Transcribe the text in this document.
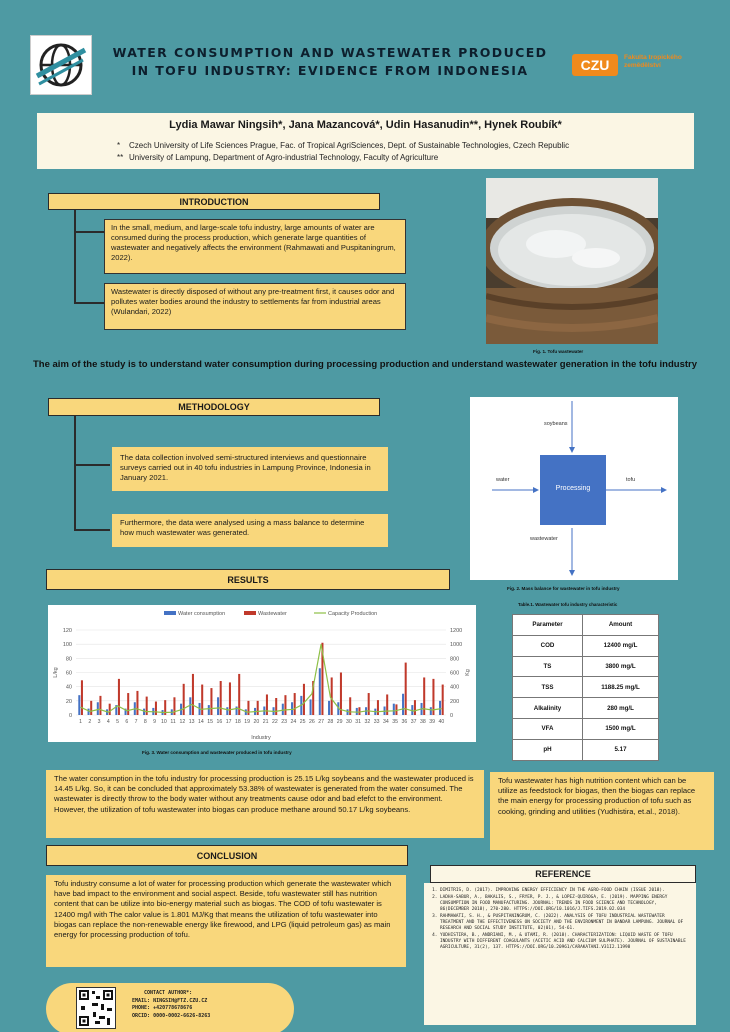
WATER CONSUMPTION AND WASTEWATER PRODUCED IN TOFU INDUSTRY: EVIDENCE FROM INDONESIA	CZU	Fakulta tropického zemědělství
Lydia Mawar Ningsih*, Jana Mazancová*, Udin Hasanudin**, Hynek Roubík*
* Czech University of Life Sciences Prague, Fac. of Tropical AgriSciences, Dept. of Sustainable Technologies, Czech Republic
** University of Lampung, Department of Agro-industrial Technology, Faculty of Agriculture
INTRODUCTION
In the small, medium, and large-scale tofu industry, large amounts of water are consumed during the process production, which generate large quantities of wastewater and negatively affects the environment (Rahmawati and Puspitaningrum, 2022).
Wastewater is directly disposed of without any pre-treatment first, it causes odor and pollutes water bodies around the industry to settlements far from industrial areas (Wulandari, 2022)
Fig. 1. Tofu wastewater
The aim of the study is to understand water consumption during processing production and understand wastewater generation in the tofu industry
METHODOLOGY
The data collection involved semi-structured interviews and questionnaire surveys carried out in 40 tofu industries in Lampung Province, Indonesia in January 2021.
Furthermore, the data were analysed using a mass balance to determine how much wastewater was generated.
Processing
soybeans
water	tofu
wastewater
Fig. 2. Mass balance for wastewater in tofu industry
RESULTS
0
20
40
60
80
100
120
0
200
400
600
800
1000
1200
L/kg	Kg
Industry
1 2 3 4 5 6 7 8 9 10 11 12 13 14 15 16 17 18 19 20 21 22 23 24 25 26 27 28 29 30 31 32 33 34 35 36 37 38 39 40
Water consumption	Wastewater	Capacity Production
Fig. 3. Water consumption and wastewater produced in tofu industry
Table.1. Wastewater tofu industry characteristic
Parameter	Amount
COD	12400 mg/L
TS	3800 mg/L
TSS	1188.25 mg/L
Alkalinity	280 mg/L
VFA	1500 mg/L
pH	5.17
The water consumption in the tofu industry for processing production is 25.15 L/kg soybeans and the wastewater produced is 14.45 L/kg. So, it can be concluded that approximately 53.38% of wastewater is generated from the water consumed. The wastewater is directly throw to the body water without any treatments cause odor and bad efefct to the environment. However, the utilization of tofu wastewater into biogas can produce methane around 50.17 L/kg soybeans.
Tofu wastewater has high nutrition content which can be utilize as feedstock for biogas, then the biogas can replace the main energy for processing production of tofu such as cooking, grinding and utilities (Yudhistira, et.al., 2018).
CONCLUSION
Tofu industry consume a lot of water for processing production which generate the wastewater which have bad impact to the environment and social aspect. Beside, tofu wastewater still has nutrition content that can be utilize into bio-energy material such as biogas. The COD of tofu wastewater is 12400 mg/l with The calor value is 1.801 MJ/Kg that means the utilization of tofu wastewater into biogas can replace the non-renewable energy like firewood, and LPG (liquid petroleum gas) as main energy for processing production of tofu.
REFERENCE
1. DIMITRIS, D. (2017). IMPROVING ENERGY EFFICIENCY IN THE AGRO-FOOD CHAIN (ISSUE 2018).
2. LADHA-SABUR, A., BAKALIS, S., FRYER, P. J., & LOPEZ-QUIROGA, E. (2019). MAPPING ENERGY CONSUMPTION IN FOOD MANUFACTURING. JOURNAL: TRENDS IN FOOD SCIENCE AND TECHNOLOGY, 86(DECEMBER 2018), 270-280. HTTPS://DOI.ORG/10.1016/J.TIFS.2019.02.034
3. RAHMAWATI, S. H., & PUSPITANINGRUM, C. (2022). ANALYSIS OF TOFU INDUSTRIAL WASTEWATER TREATMENT AND THE EFFECTIVENESS ON SOCIETY AND THE ENVIRONMENT IN BANDAR LAMPUNG. JOURNAL OF RESEARCH AND SOCIAL STUDY INSTITUTE, 02(01), 54-61.
4. YUDHISTIRA, B., ANDRIANI, M., & UTAMI, R. (2018). CHARACTERIZATION: LIQUID WASTE OF TOFU INDUSTRY WITH DIFFERENT COAGULANTS (ACETIC ACID AND CALCIUM SULPHATE). JOURNAL OF SUSTAINABLE AGRICULTURE, 31(2), 137. HTTPS://DOI.ORG/10.20961/CARAKATANI.V31I2.11998
CONTACT AUTHOR*:
EMAIL: NINGSIH@FTZ.CZU.CZ
PHONE: +420778678676
ORCID: 0000-0002-6626-8263
